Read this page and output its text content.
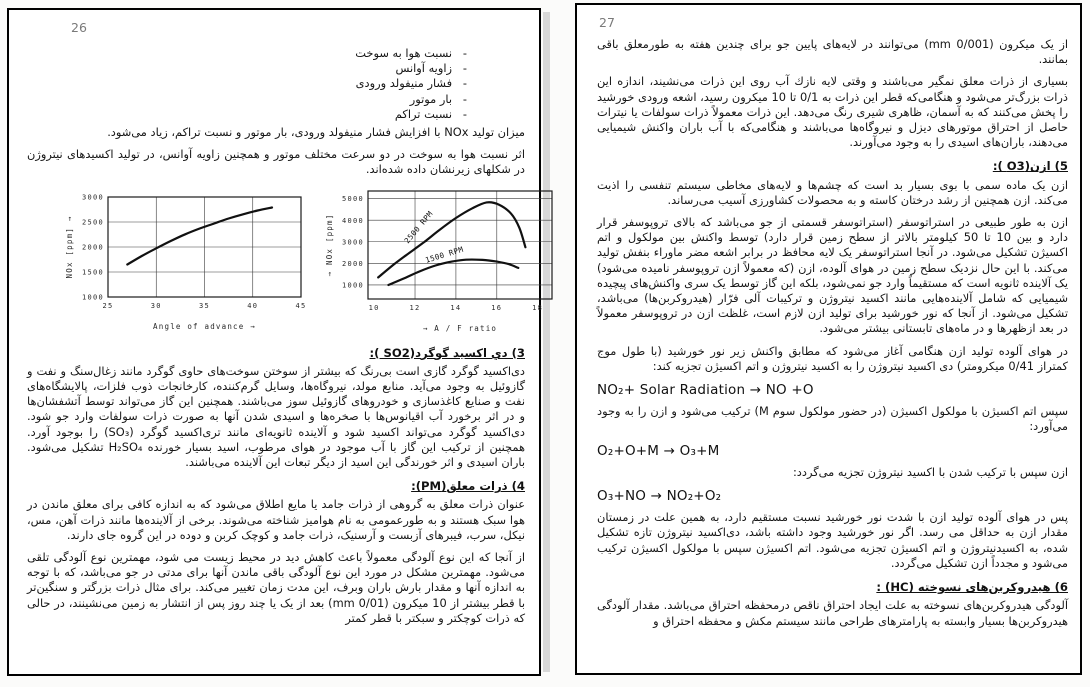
26
-   نسبت هوا به سوخت
-   زاویه آوانس
-   فشار منیفولد ورودی
-   بار موتور
-   نسبت تراکم

میزان تولید NOx با افزایش فشار منیفولد ورودی، بار موتور و نسبت تراکم، زیاد می‌شود.

اثر نسبت هوا به سوخت در دو سرعت مختلف موتور و همچنین زاویه آوانس، در تولید اکسیدهای نیتروژن در شکلهای زیرنشان داده شده‌اند.

25	30	35	40	45
1000
1500
2000
2500
3000
Angle of advance →
NOx [ppm] →
10	12	14	16	18
1000
2000
3000
4000
5000
2500 RPM
1500 RPM
→ A / F ratio
→ NOx [ppm]
3) دي اکسيد گوگرد(SO2 ):

دی‌اکسید گوگرد گازی است بی‌رنگ که بیشتر از سوختن سوخت‌های حاوی گوگرد مانند زغال‌سنگ و نفت و گازوئیل به وجود می‌آید. منابع مولد، نیروگاه‌ها، وسایل گرم‌کننده، کارخانجات ذوب فلزات، پالایشگاه‌های نفت و صنایع کاغذسازی و خودروهای گازوئیل سوز می‌باشند. همچنین این گاز می‌تواند توسط آتشفشان‌ها و در اثر برخورد آب اقیانوس‌ها با صخره‌ها و اسیدی شدن آنها به صورت ذرات سولفات وارد جو شود. دی‌اکسید گوگرد می‌تواند اکسید شود و آلاینده ثانویه‌ای مانند تری‌اکسید گوگرد (SO₃) را بوجود آورد. همچنین از ترکیب این گاز با آب موجود در هوای مرطوب، اسید بسیار خورنده H₂SO₄ تشکیل می‌شود. باران اسیدی و اثر خورندگی این اسید از دیگر تبعات این آلاینده می‌باشند.

4) ذرات معلق(PM):

عنوان ذرات معلق به گروهی از ذرات جامد یا مایع اطلاق می‌شود که به اندازه کافی برای معلق ماندن در هوا سبک هستند و به طورعمومی به نام هوامیز شناخته می‌شوند. برخی از آلاینده‌ها مانند ذرات آهن، مس، نیکل، سرب، فیبرهای آزبست و آرسنیک، ذرات جامد و کوچک کربن و دوده در این گروه جای دارند.

از آنجا که این نوع آلودگی معمولاً باعث کاهش دید در محیط زیست می شود، مهمترین نوع آلودگی تلقی می‌شود. مهمترین مشکل در مورد این نوع آلودگی باقی ماندن آنها برای مدتی در جو می‌باشد، که با توجه به اندازه آنها و مقدار بارش باران وبرف، این مدت زمان تغییر می‌کند. برای مثال ذرات بزرگتر و سنگین‌تر با قطر بیشتر از 10 میکرون (0/01 mm) بعد از یک یا چند روز پس از انتشار به زمین می‌نشینند، در حالی که ذرات کوچکتر و سبکتر با قطر کمتر

27

از یک میکرون (0/001 mm) می‌توانند در لایه‌های پایین جو برای چندین هفته به طورمعلق باقی بمانند.

بسیاری از ذرات معلق نمگیر می‌باشند و وقتی لایه نازك آب روی این ذرات می‌نشیند، اندازه این ذرات بزرگ‌تر می‌شود و هنگامی‌که قطر این ذرات به 0/1 تا 10 میکرون رسید، اشعه ورودی خورشید را پخش می‌کنند که به آسمان، ظاهری شیری رنگ می‌دهد. این ذرات معمولاً ذرات سولفات یا نیترات حاصل از احتراق موتورهای دیزل و نیروگاه‌ها می‌باشند و هنگامی‌که با آب باران واکنش شیمیایی می‌دهند، باران‌های اسیدی را به وجود می‌آورند.

5) ازن(O3 ):

ازن یک ماده سمی با بوی بسیار بد است که چشم‌ها و لایه‌های مخاطی سیستم تنفسی را اذیت می‌کند. ازن همچنین از رشد درختان کاسته و به محصولات کشاورزی آسیب می‌رساند.

ازن به طور طبیعی در استراتوسفر (استراتوسفر قسمتی از جو می‌باشد که بالای تروپوسفر قرار دارد و بین 10 تا 50 کیلومتر بالاتر از سطح زمین قرار دارد) توسط واکنش بین مولکول و اتم اکسیژن تشکیل می‌شود. در آنجا استراتوسفر یک لایه محافظ در برابر اشعه مضر ماوراء بنفش تولید می‌کند. با این حال نزدیک سطح زمین در هوای آلوده، ازن (که معمولاً ازن تروپوسفر نامیده می‌شود) یک آلاینده ثانویه است که مستقیماً وارد جو نمی‌شود، بلکه این گاز توسط یک سری واکنش‌های پیچیده شیمیایی که شامل آلاینده‌هایی مانند اکسید نیتروژن و ترکیبات آلی فرّار (هیدروکربن‌ها) می‌باشد، تشکیل می‌شود. از آنجا که نور خورشید برای تولید ازن لازم است، غلظت ازن در تروپوسفر معمولاً در بعد ازظهرها و در ماه‌های تابستانی بیشتر می‌شود.

در هوای آلوده تولید ازن هنگامی آغاز می‌شود که مطابق واکنش زیر نور خورشید (با طول موج کمتراز 0/41 میکرومتر) دی اکسید نیتروژن را به اکسید نیتروژن و اتم اکسیژن تجزیه کند:

NO₂+ Solar Radiation → NO +O

سپس اتم اکسیژن با مولکول اکسیژن (در حضور مولکول سوم M) ترکیب می‌شود و ازن را به وجود می‌آورد:

O₂+O+M → O₃+M

ازن سپس با ترکیب شدن با اکسید نیتروژن تجزیه می‌گردد:

O₃+NO → NO₂+O₂

پس در هوای آلوده تولید ازن با شدت نور خورشید نسبت مستقیم دارد، به همین علت در زمستان مقدار ازن به حداقل می رسد. اگر نور خورشید وجود داشته باشد، دی‌اکسید نیتروژن تازه تشکیل شده، به اکسیدنیتروژن و اتم اکسیژن تجزیه می‌شود. اتم اکسیژن سپس با مولکول اکسیژن ترکیب می‌شود و مجدداً ازن تشکیل می‌گردد.

6) هیدروکربن‌های نسوخته (HC) :

آلودگی هیدروکربن‌های نسوخته به علت ایجاد احتراق ناقص درمحفظه احتراق می‌باشد. مقدار آلودگی هیدروکربن‌ها بسیار وابسته به پارامترهای طراحی مانند سیستم مکش و محفظه احتراق و
